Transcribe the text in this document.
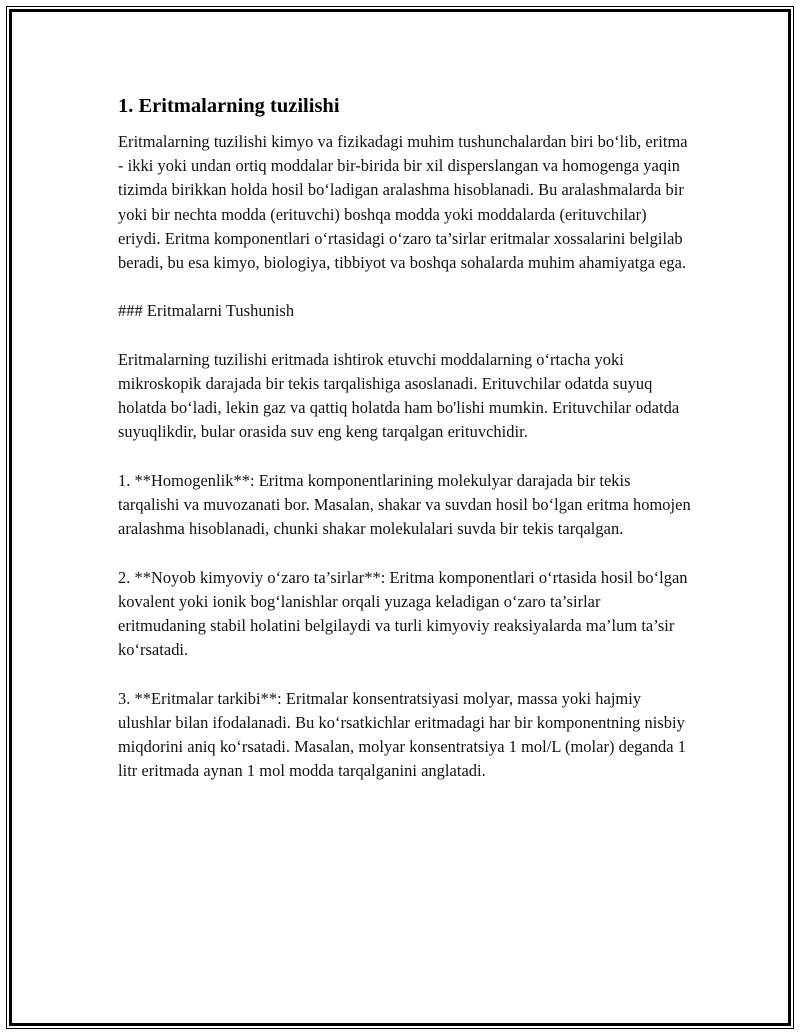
1. Eritmalarning tuzilishi

Eritmalarning tuzilishi kimyo va fizikadagi muhim tushunchalardan biri bo‘lib, eritma - ikki yoki undan ortiq moddalar bir-birida bir xil disperslangan va homogenga yaqin tizimda birikkan holda hosil bo‘ladigan aralashma hisoblanadi. Bu aralashmalarda bir yoki bir nechta modda (erituvchi) boshqa modda yoki moddalarda (erituvchilar) eriydi. Eritma komponentlari o‘rtasidagi o‘zaro ta’sirlar eritmalar xossalarini belgilab beradi, bu esa kimyo, biologiya, tibbiyot va boshqa sohalarda muhim ahamiyatga ega.

### Eritmalarni Tushunish

Eritmalarning tuzilishi eritmada ishtirok etuvchi moddalarning o‘rtacha yoki mikroskopik darajada bir tekis tarqalishiga asoslanadi. Erituvchilar odatda suyuq holatda bo‘ladi, lekin gaz va qattiq holatda ham bo'lishi mumkin. Erituvchilar odatda suyuqlikdir, bular orasida suv eng keng tarqalgan erituvchidir.

1. **Homogenlik**: Eritma komponentlarining molekulyar darajada bir tekis tarqalishi va muvozanati bor. Masalan, shakar va suvdan hosil bo‘lgan eritma homojen aralashma hisoblanadi, chunki shakar molekulalari suvda bir tekis tarqalgan.

2. **Noyob kimyoviy o‘zaro ta’sirlar**: Eritma komponentlari o‘rtasida hosil bo‘lgan kovalent yoki ionik bog‘lanishlar orqali yuzaga keladigan o‘zaro ta’sirlar eritmudaning stabil holatini belgilaydi va turli kimyoviy reaksiyalarda ma’lum ta’sir ko‘rsatadi.

3. **Eritmalar tarkibi**: Eritmalar konsentratsiyasi molyar, massa yoki hajmiy ulushlar bilan ifodalanadi. Bu ko‘rsatkichlar eritmadagi har bir komponentning nisbiy miqdorini aniq ko‘rsatadi. Masalan, molyar konsentratsiya 1 mol/L (molar) deganda 1 litr eritmada aynan 1 mol modda tarqalganini anglatadi.
